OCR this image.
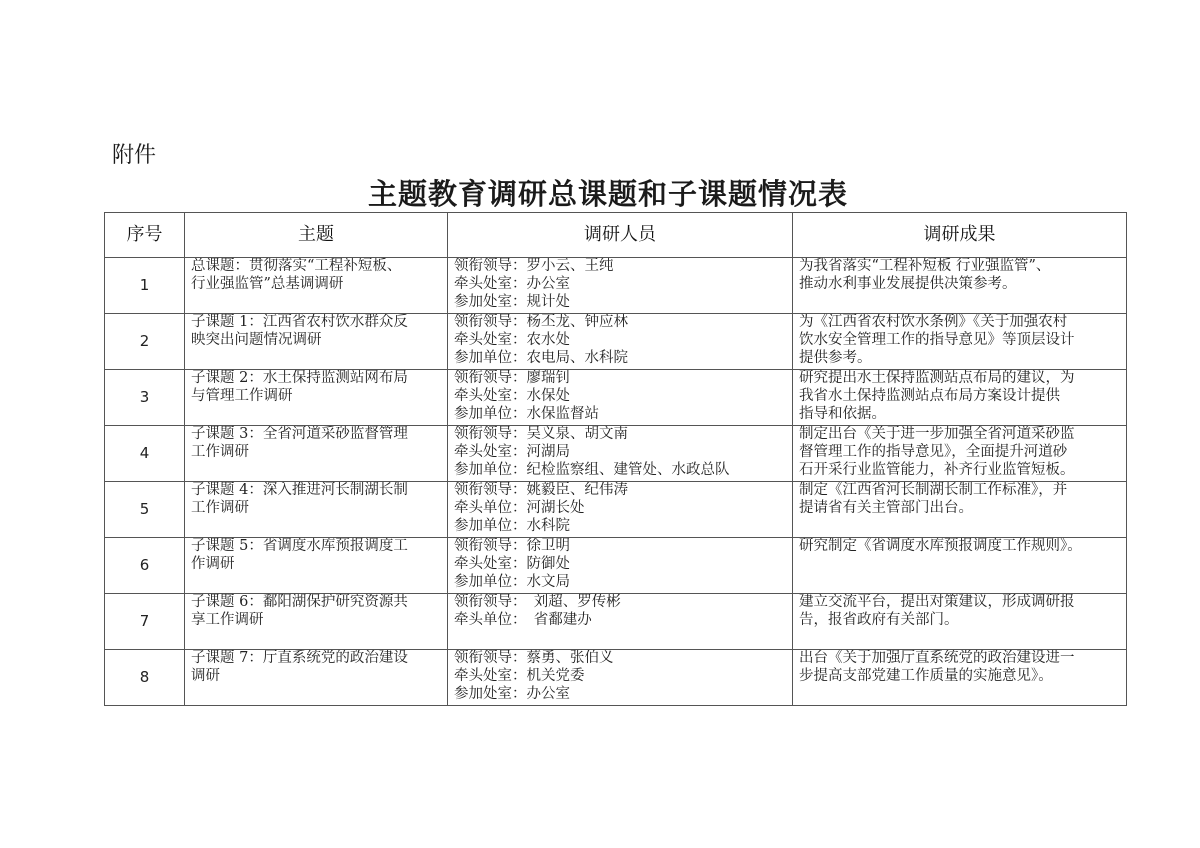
附件
主题教育调研总课题和子课题情况表
序号	主题	调研人员	调研成果
1	总课题：贯彻落实“工程补短板、
行业强监管”总基调调研	领衔领导：罗小云、王纯
牵头处室：办公室
参加处室：规计处	为我省落实“工程补短板 行业强监管”、
推动水利事业发展提供决策参考。

2	子课题 1：江西省农村饮水群众反
映突出问题情况调研	领衔领导：杨丕龙、钟应林
牵头处室：农水处
参加单位：农电局、水科院	为《江西省农村饮水条例》《关于加强农村
饮水安全管理工作的指导意见》等顶层设计
提供参考。

3	子课题 2：水土保持监测站网布局
与管理工作调研	领衔领导：廖瑞钊
牵头处室：水保处
参加单位：水保监督站	研究提出水土保持监测站点布局的建议，为
我省水土保持监测站点布局方案设计提供
指导和依据。

4	子课题 3：全省河道采砂监督管理
工作调研	领衔领导：吴义泉、胡文南
牵头处室：河湖局
参加单位：纪检监察组、建管处、水政总队	制定出台《关于进一步加强全省河道采砂监
督管理工作的指导意见》，全面提升河道砂
石开采行业监管能力，补齐行业监管短板。

5	子课题 4：深入推进河长制湖长制
工作调研	领衔领导：姚毅臣、纪伟涛
牵头单位：河湖长处
参加单位：水科院	制定《江西省河长制湖长制工作标准》，并
提请省有关主管部门出台。

6	子课题 5：省调度水库预报调度工
作调研	领衔领导：徐卫明
牵头处室：防御处
参加单位：水文局	研究制定《省调度水库预报调度工作规则》。

7	子课题 6：鄱阳湖保护研究资源共
享工作调研	领衔领导：　刘超、罗传彬
牵头单位：　省鄱建办	建立交流平台，提出对策建议，形成调研报
告，报省政府有关部门。

8	子课题 7：厅直系统党的政治建设
调研	领衔领导：蔡勇、张伯义
牵头处室：机关党委
参加处室：办公室	出台《关于加强厅直系统党的政治建设进一
步提高支部党建工作质量的实施意见》。
